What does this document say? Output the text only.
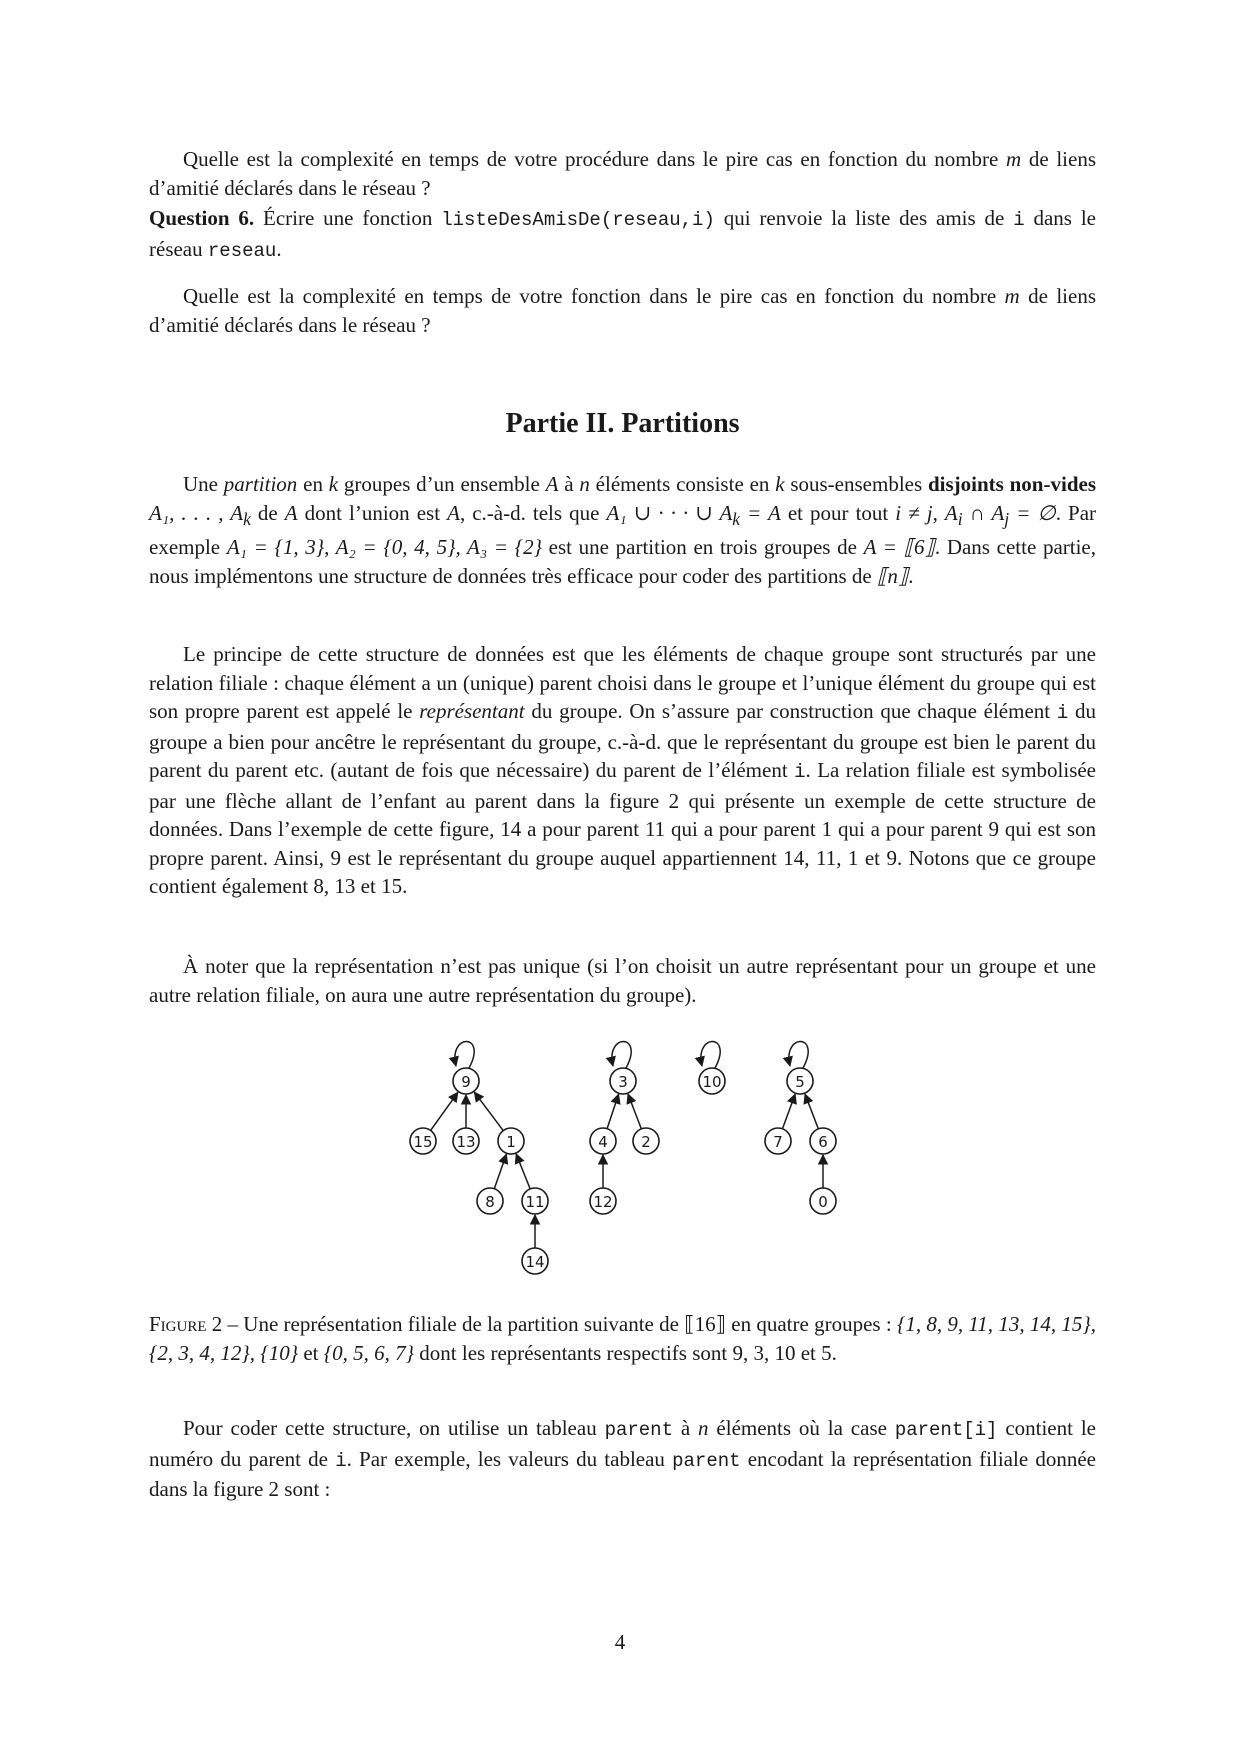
Quelle est la complexité en temps de votre procédure dans le pire cas en fonction du nombre m de liens d’amitié déclarés dans le réseau ?

Question 6. Écrire une fonction listeDesAmisDe(reseau,i) qui renvoie la liste des amis de i dans le réseau reseau.

Quelle est la complexité en temps de votre fonction dans le pire cas en fonction du nombre m de liens d’amitié déclarés dans le réseau ?

Partie II. Partitions

Une partition en k groupes d’un ensemble A à n éléments consiste en k sous-ensembles disjoints non-vides A₁, . . . , $A_k$ de A dont l’union est A, c.-à-d. tels que A₁ ∪ · · · ∪ $A_k = A$ et pour tout i ≠ j, $A_i$ ∩ $A_j$ = ∅. Par exemple A₁ = {1, 3}, A₂ = {0, 4, 5}, A₃ = {2} est une partition en trois groupes de A = ⟦6⟧. Dans cette partie, nous implémentons une structure de données très efficace pour coder des partitions de ⟦n⟧.

Le principe de cette structure de données est que les éléments de chaque groupe sont structurés par une relation filiale : chaque élément a un (unique) parent choisi dans le groupe et l’unique élément du groupe qui est son propre parent est appelé le représentant du groupe. On s’assure par construction que chaque élément i du groupe a bien pour ancêtre le représentant du groupe, c.-à-d. que le représentant du groupe est bien le parent du parent du parent etc. (autant de fois que nécessaire) du parent de l’élément i. La relation filiale est symbolisée par une flèche allant de l’enfant au parent dans la figure 2 qui présente un exemple de cette structure de données. Dans l’exemple de cette figure, 14 a pour parent 11 qui a pour parent 1 qui a pour parent 9 qui est son propre parent. Ainsi, 9 est le représentant du groupe auquel appartiennent 14, 11, 1 et 9. Notons que ce groupe contient également 8, 13 et 15.

À noter que la représentation n’est pas unique (si l’on choisit un autre représentant pour un groupe et une autre relation filiale, on aura une autre représentation du groupe).

9
15 13 1
8 11
14
3
4 2
12
10	5
7 6
0

Figure 2 – Une représentation filiale de la partition suivante de ⟦16⟧ en quatre groupes : {1, 8, 9, 11, 13, 14, 15}, {2, 3, 4, 12}, {10} et {0, 5, 6, 7} dont les représentants respectifs sont 9, 3, 10 et 5.

Pour coder cette structure, on utilise un tableau parent à n éléments où la case parent[i] contient le numéro du parent de i. Par exemple, les valeurs du tableau parent encodant la représentation filiale donnée dans la figure 2 sont :

4
